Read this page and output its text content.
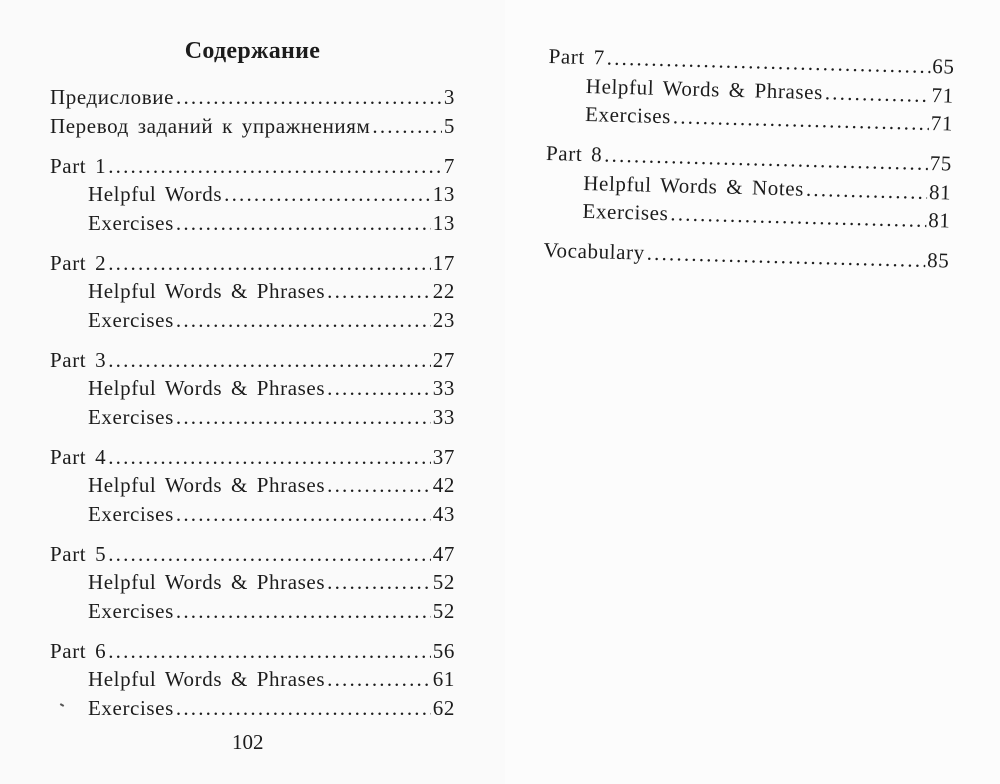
Содержание
Предисловие .....	3
Перевод заданий к упражнениям .....	5
Part 1 .....	7
Helpful Words .....	13
Exercises .....	13
Part 2 .....	17
Helpful Words & Phrases .....	22
Exercises .....	23
Part 3 .....	27
Helpful Words & Phrases .....	33
Exercises .....	33
Part 4 .....	37
Helpful Words & Phrases .....	42
Exercises .....	43
Part 5 .....	47
Helpful Words & Phrases .....	52
Exercises .....	52
Part 6 .....	56
Helpful Words & Phrases .....	61
Exercises .....	62
102
Part 7 .....	65
Helpful Words & Phrases .....	71
Exercises .....	71
Part 8 .....	75
Helpful Words & Notes .....	81
Exercises .....	81
Vocabulary .....	85
